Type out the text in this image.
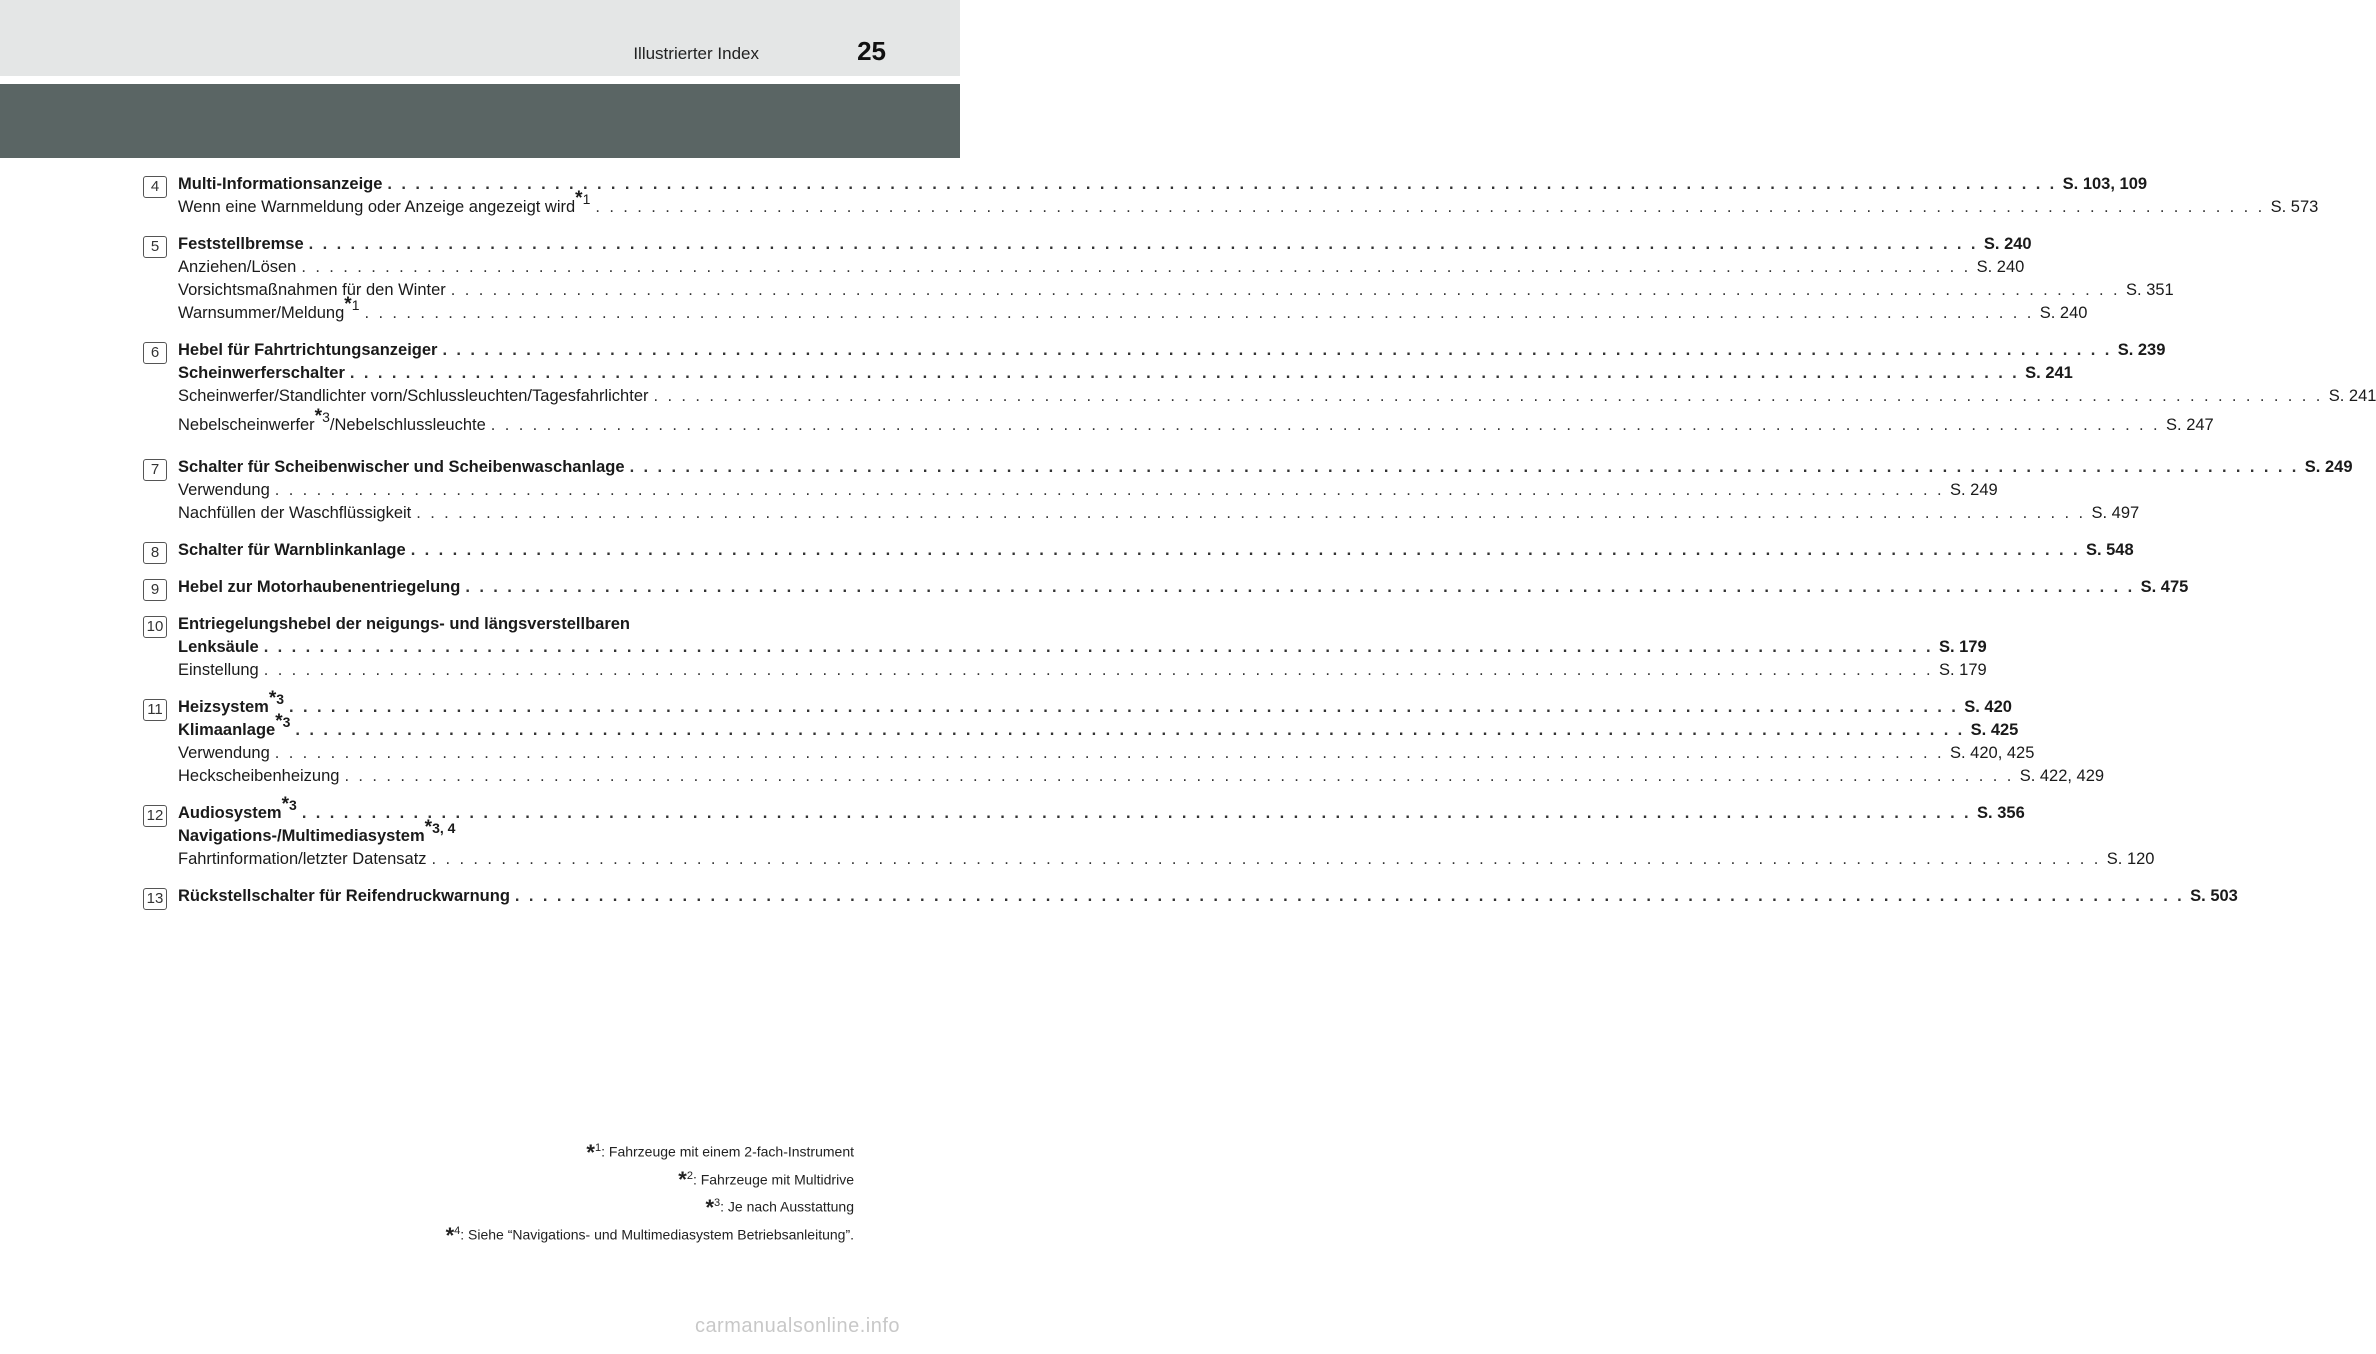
Illustrierter Index	25
4	Multi-Informationsanzeige . . . . . . . . . . . . . . . . . . . . . . . . . . . . . . . . . . . . . . . . . . . . . . . . . . . . . . . . . . . . . . . . . . . . . . . . . . . . . . . . . . . . . . . . . . . . . . . . . . . . . . . . . . . . . . . . . . . . . . . . S. 103, 109
Wenn eine Warnmeldung oder Anzeige angezeigt wird$^{*1}$ . . . . . . . . . . . . . . . . . . . . . . . . . . . . . . . . . . . . . . . . . . . . . . . . . . . . . . . . . . . . . . . . . . . . . . . . . . . . . . . . . . . . . . . . . . . . . . . . . . . . . . . . . . . . . . . . . . . . . . . . S. 573
5	Feststellbremse . . . . . . . . . . . . . . . . . . . . . . . . . . . . . . . . . . . . . . . . . . . . . . . . . . . . . . . . . . . . . . . . . . . . . . . . . . . . . . . . . . . . . . . . . . . . . . . . . . . . . . . . . . . . . . . . . . . . . . . . S. 240
Anziehen/Lösen . . . . . . . . . . . . . . . . . . . . . . . . . . . . . . . . . . . . . . . . . . . . . . . . . . . . . . . . . . . . . . . . . . . . . . . . . . . . . . . . . . . . . . . . . . . . . . . . . . . . . . . . . . . . . . . . . . . . . . . . S. 240
Vorsichtsmaßnahmen für den Winter . . . . . . . . . . . . . . . . . . . . . . . . . . . . . . . . . . . . . . . . . . . . . . . . . . . . . . . . . . . . . . . . . . . . . . . . . . . . . . . . . . . . . . . . . . . . . . . . . . . . . . . . . . . . . . . . . . . . . . . . S. 351
Warnsummer/Meldung$^{*1}$ . . . . . . . . . . . . . . . . . . . . . . . . . . . . . . . . . . . . . . . . . . . . . . . . . . . . . . . . . . . . . . . . . . . . . . . . . . . . . . . . . . . . . . . . . . . . . . . . . . . . . . . . . . . . . . . . . . . . . . . . S. 240
6	Hebel für Fahrtrichtungsanzeiger . . . . . . . . . . . . . . . . . . . . . . . . . . . . . . . . . . . . . . . . . . . . . . . . . . . . . . . . . . . . . . . . . . . . . . . . . . . . . . . . . . . . . . . . . . . . . . . . . . . . . . . . . . . . . . . . . . . . . . . . S. 239
Scheinwerferschalter . . . . . . . . . . . . . . . . . . . . . . . . . . . . . . . . . . . . . . . . . . . . . . . . . . . . . . . . . . . . . . . . . . . . . . . . . . . . . . . . . . . . . . . . . . . . . . . . . . . . . . . . . . . . . . . . . . . . . . . . S. 241
Scheinwerfer/Standlichter vorn/Schlussleuchten/Tagesfahrlichter . . . . . . . . . . . . . . . . . . . . . . . . . . . . . . . . . . . . . . . . . . . . . . . . . . . . . . . . . . . . . . . . . . . . . . . . . . . . . . . . . . . . . . . . . . . . . . . . . . . . . . . . . . . . . . . . . . . . . . . . S. 241
Nebelscheinwerfer$^{*3}$/Nebelschlussleuchte . . . . . . . . . . . . . . . . . . . . . . . . . . . . . . . . . . . . . . . . . . . . . . . . . . . . . . . . . . . . . . . . . . . . . . . . . . . . . . . . . . . . . . . . . . . . . . . . . . . . . . . . . . . . . . . . . . . . . . . . S. 247
7	Schalter für Scheibenwischer und Scheibenwaschanlage . . . . . . . . . . . . . . . . . . . . . . . . . . . . . . . . . . . . . . . . . . . . . . . . . . . . . . . . . . . . . . . . . . . . . . . . . . . . . . . . . . . . . . . . . . . . . . . . . . . . . . . . . . . . . . . . . . . . . . . . S. 249
Verwendung . . . . . . . . . . . . . . . . . . . . . . . . . . . . . . . . . . . . . . . . . . . . . . . . . . . . . . . . . . . . . . . . . . . . . . . . . . . . . . . . . . . . . . . . . . . . . . . . . . . . . . . . . . . . . . . . . . . . . . . . S. 249
Nachfüllen der Waschflüssigkeit . . . . . . . . . . . . . . . . . . . . . . . . . . . . . . . . . . . . . . . . . . . . . . . . . . . . . . . . . . . . . . . . . . . . . . . . . . . . . . . . . . . . . . . . . . . . . . . . . . . . . . . . . . . . . . . . . . . . . . . . S. 497
8	Schalter für Warnblinkanlage . . . . . . . . . . . . . . . . . . . . . . . . . . . . . . . . . . . . . . . . . . . . . . . . . . . . . . . . . . . . . . . . . . . . . . . . . . . . . . . . . . . . . . . . . . . . . . . . . . . . . . . . . . . . . . . . . . . . . . . . S. 548
9	Hebel zur Motorhaubenentriegelung . . . . . . . . . . . . . . . . . . . . . . . . . . . . . . . . . . . . . . . . . . . . . . . . . . . . . . . . . . . . . . . . . . . . . . . . . . . . . . . . . . . . . . . . . . . . . . . . . . . . . . . . . . . . . . . . . . . . . . . . S. 475
10 Entriegelungshebel der neigungs- und längsverstellbaren
Lenksäule . . . . . . . . . . . . . . . . . . . . . . . . . . . . . . . . . . . . . . . . . . . . . . . . . . . . . . . . . . . . . . . . . . . . . . . . . . . . . . . . . . . . . . . . . . . . . . . . . . . . . . . . . . . . . . . . . . . . . . . . S. 179
Einstellung . . . . . . . . . . . . . . . . . . . . . . . . . . . . . . . . . . . . . . . . . . . . . . . . . . . . . . . . . . . . . . . . . . . . . . . . . . . . . . . . . . . . . . . . . . . . . . . . . . . . . . . . . . . . . . . . . . . . . . . . S. 179
11 Heizsystem$^{*3}$ . . . . . . . . . . . . . . . . . . . . . . . . . . . . . . . . . . . . . . . . . . . . . . . . . . . . . . . . . . . . . . . . . . . . . . . . . . . . . . . . . . . . . . . . . . . . . . . . . . . . . . . . . . . . . . . . . . . . . . . . S. 420
Klimaanlage$^{*3}$ . . . . . . . . . . . . . . . . . . . . . . . . . . . . . . . . . . . . . . . . . . . . . . . . . . . . . . . . . . . . . . . . . . . . . . . . . . . . . . . . . . . . . . . . . . . . . . . . . . . . . . . . . . . . . . . . . . . . . . . . S. 425
Verwendung . . . . . . . . . . . . . . . . . . . . . . . . . . . . . . . . . . . . . . . . . . . . . . . . . . . . . . . . . . . . . . . . . . . . . . . . . . . . . . . . . . . . . . . . . . . . . . . . . . . . . . . . . . . . . . . . . . . . . . . . S. 420, 425
Heckscheibenheizung . . . . . . . . . . . . . . . . . . . . . . . . . . . . . . . . . . . . . . . . . . . . . . . . . . . . . . . . . . . . . . . . . . . . . . . . . . . . . . . . . . . . . . . . . . . . . . . . . . . . . . . . . . . . . . . . . . . . . . . . S. 422, 429
12 Audiosystem$^{*3}$ . . . . . . . . . . . . . . . . . . . . . . . . . . . . . . . . . . . . . . . . . . . . . . . . . . . . . . . . . . . . . . . . . . . . . . . . . . . . . . . . . . . . . . . . . . . . . . . . . . . . . . . . . . . . . . . . . . . . . . . . S. 356
Navigations-/Multimediasystem$^{*3, 4}$
Fahrtinformation/letzter Datensatz . . . . . . . . . . . . . . . . . . . . . . . . . . . . . . . . . . . . . . . . . . . . . . . . . . . . . . . . . . . . . . . . . . . . . . . . . . . . . . . . . . . . . . . . . . . . . . . . . . . . . . . . . . . . . . . . . . . . . . . . S. 120
13 Rückstellschalter für Reifendruckwarnung . . . . . . . . . . . . . . . . . . . . . . . . . . . . . . . . . . . . . . . . . . . . . . . . . . . . . . . . . . . . . . . . . . . . . . . . . . . . . . . . . . . . . . . . . . . . . . . . . . . . . . . . . . . . . . . . . . . . . . . . S. 503
*$^1$: Fahrzeuge mit einem 2-fach-Instrument
*$^2$: Fahrzeuge mit Multidrive
*$^3$: Je nach Ausstattung
*$^4$: Siehe “Navigations- und Multimediasystem Betriebsanleitung”.
carmanualsonline.info
